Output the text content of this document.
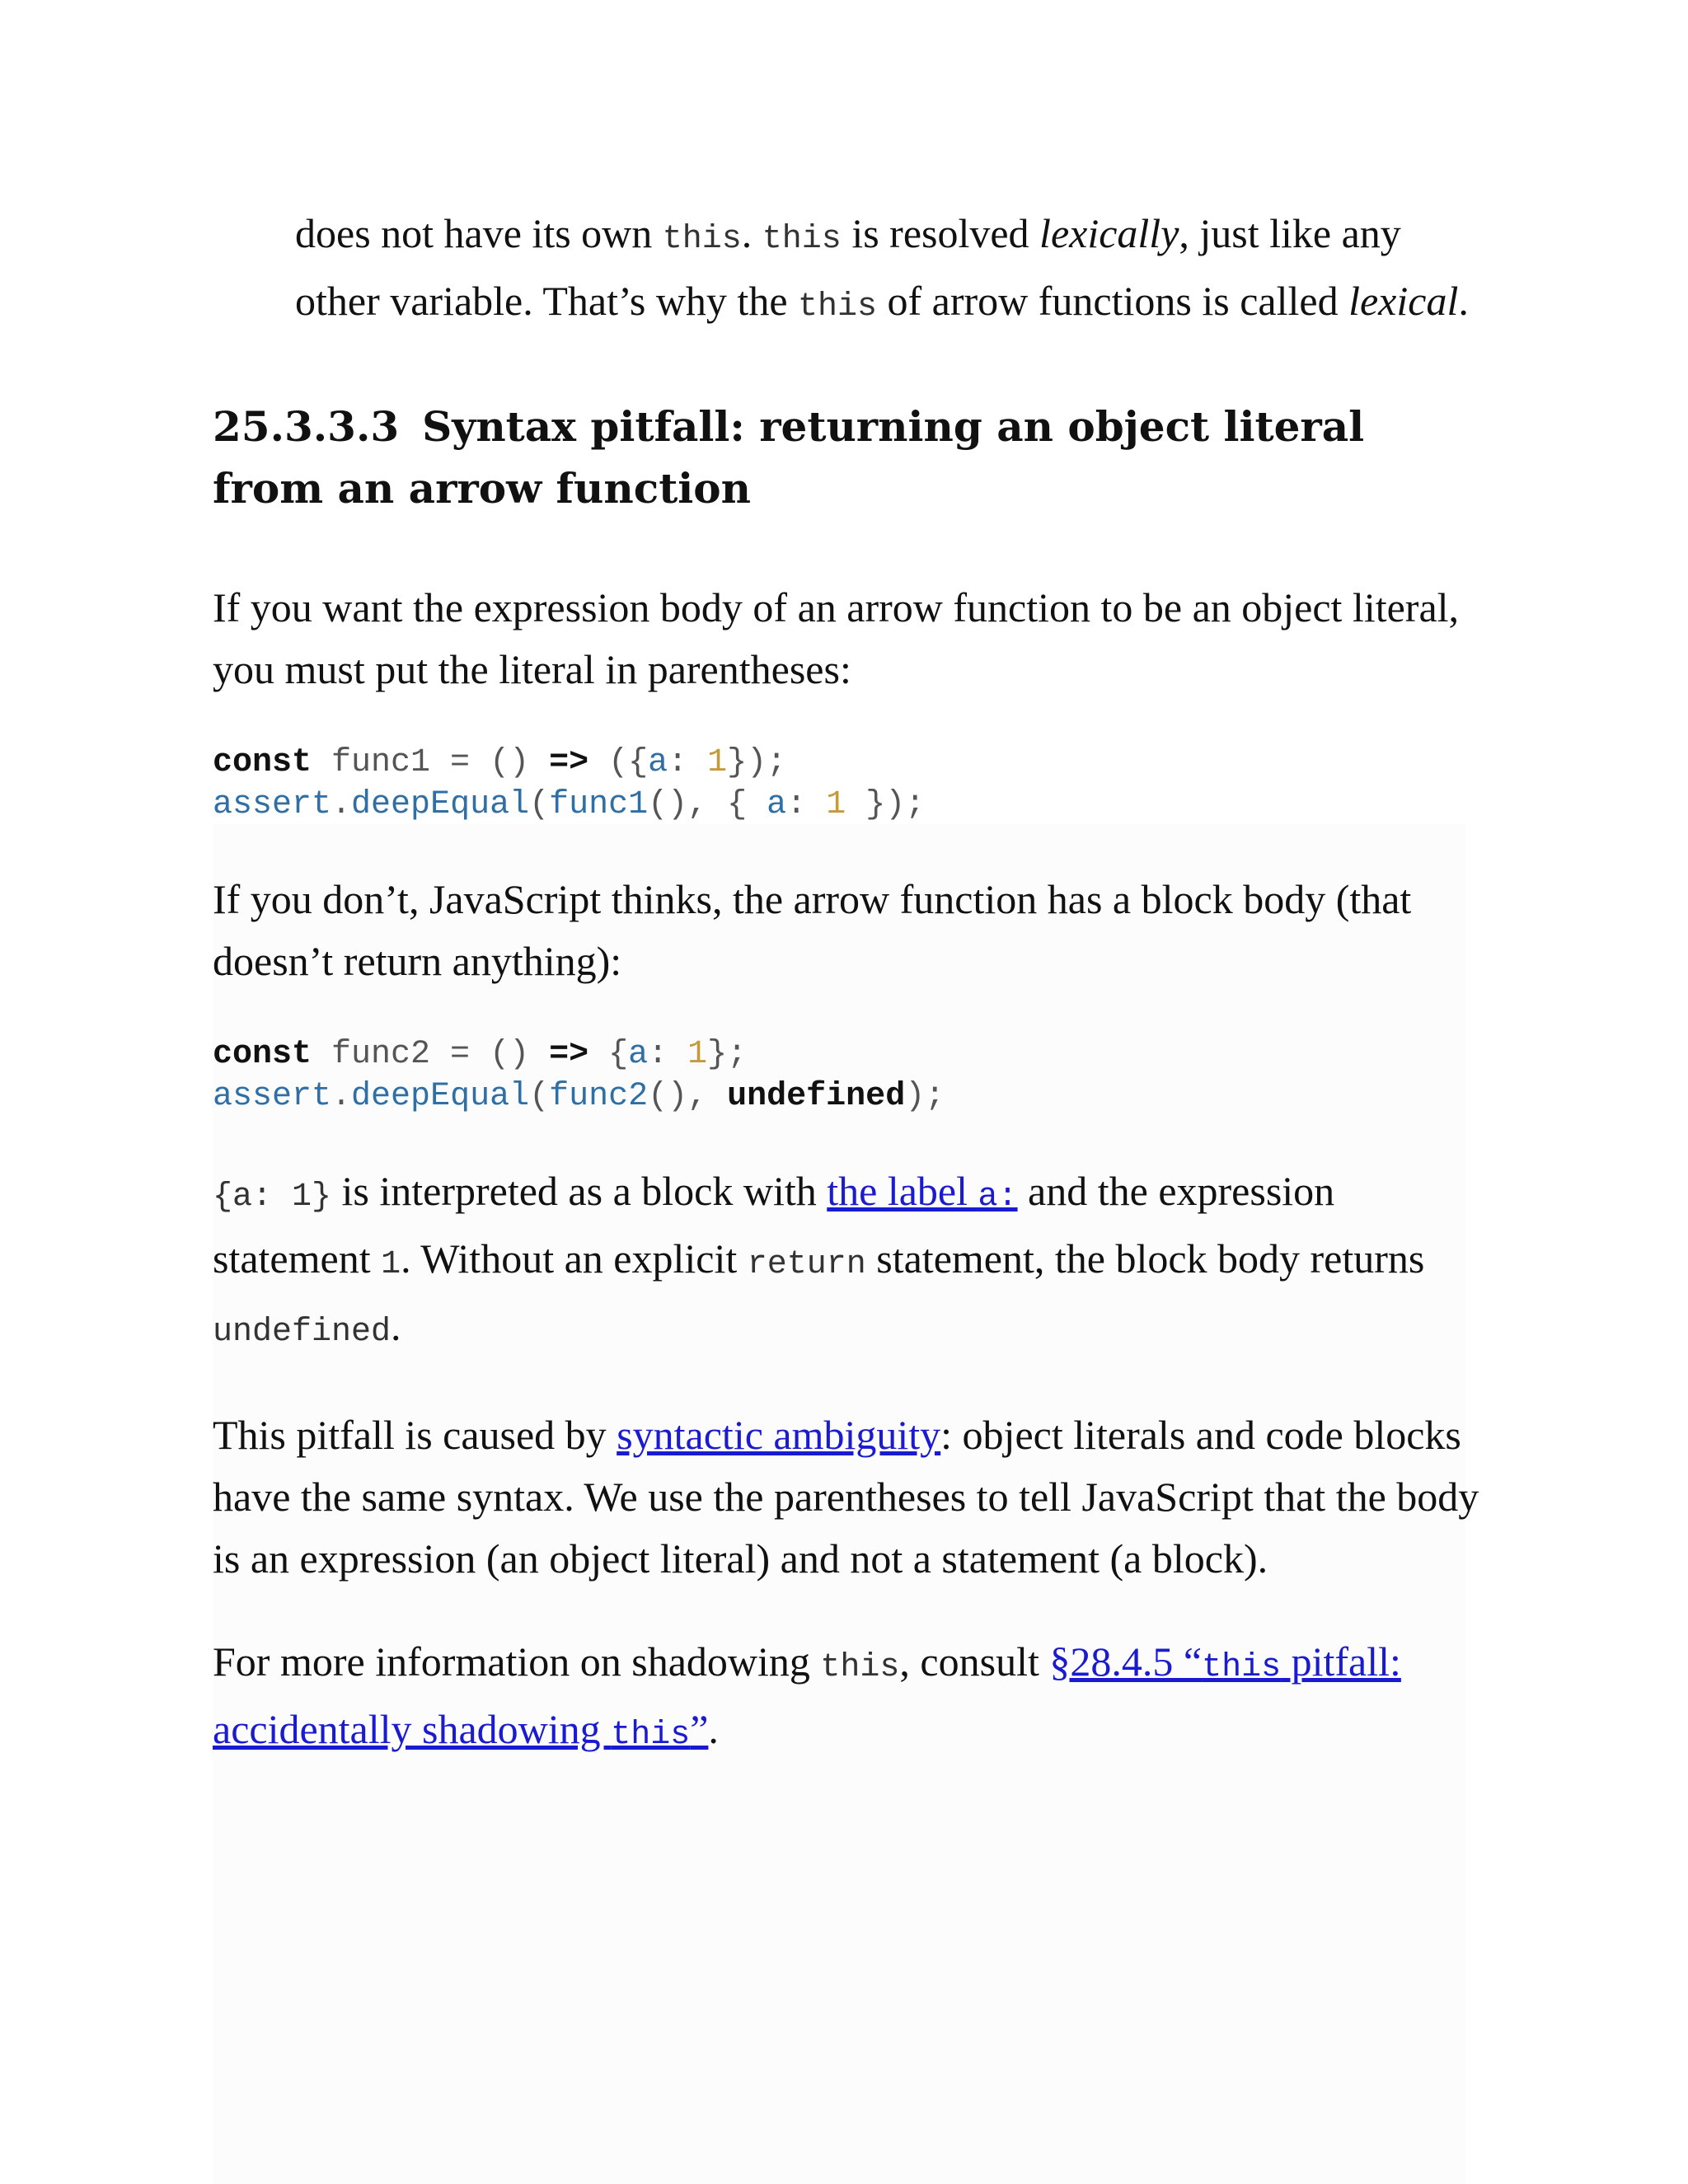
does not have its own this. this is resolved lexically, just like any other variable. That’s why the this of arrow functions is called lexical.

25.3.3.3 Syntax pitfall: returning an object literal from an arrow function

If you want the expression body of an arrow function to be an object literal, you must put the literal in parentheses:

const func1 = () => ({a: 1});
assert.deepEqual(func1(), { a: 1 });

If you don’t, JavaScript thinks, the arrow function has a block body (that doesn’t return anything):

const func2 = () => {a: 1};
assert.deepEqual(func2(), undefined);

{a: 1} is interpreted as a block with the label a: and the expression statement 1. Without an explicit return statement, the block body returns undefined.

This pitfall is caused by syntactic ambiguity: object literals and code blocks have the same syntax. We use the parentheses to tell JavaScript that the body is an expression (an object literal) and not a statement (a block).

For more information on shadowing this, consult §28.4.5 “this pitfall: accidentally shadowing this”.
